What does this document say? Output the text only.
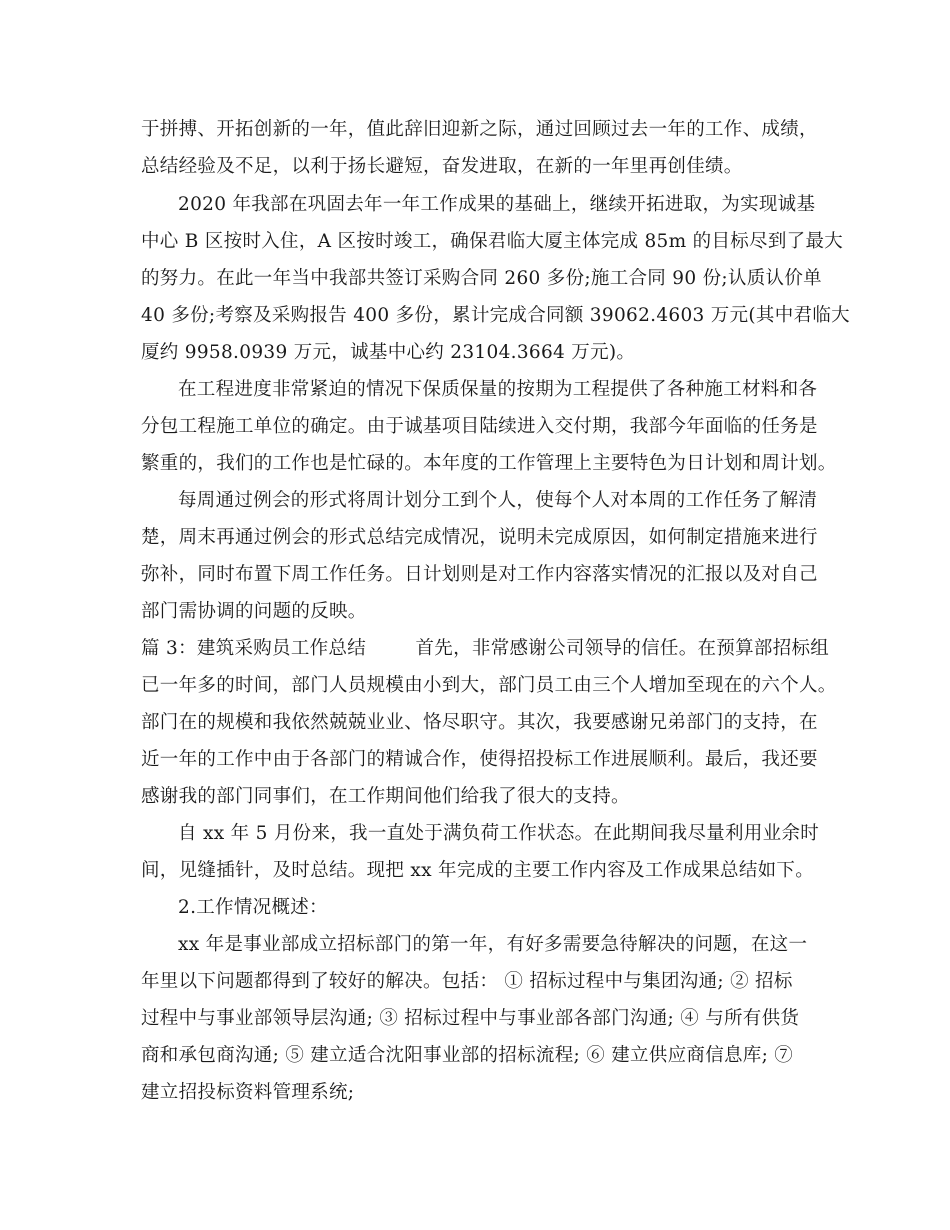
于拼搏、开拓创新的一年，值此辞旧迎新之际，通过回顾过去一年的工作、成绩，
总结经验及不足，以利于扬长避短，奋发进取，在新的一年里再创佳绩。
2020 年我部在巩固去年一年工作成果的基础上，继续开拓进取，为实现诚基
中心 B 区按时入住，A 区按时竣工，确保君临大厦主体完成 85m 的目标尽到了最大
的努力。在此一年当中我部共签订采购合同 260 多份;施工合同 90 份;认质认价单
40 多份;考察及采购报告 400 多份，累计完成合同额 39062.4603 万元(其中君临大
厦约 9958.0939 万元，诚基中心约 23104.3664 万元)。
在工程进度非常紧迫的情况下保质保量的按期为工程提供了各种施工材料和各
分包工程施工单位的确定。由于诚基项目陆续进入交付期，我部今年面临的任务是
繁重的，我们的工作也是忙碌的。本年度的工作管理上主要特色为日计划和周计划。
每周通过例会的形式将周计划分工到个人，使每个人对本周的工作任务了解清
楚，周末再通过例会的形式总结完成情况，说明未完成原因，如何制定措施来进行
弥补，同时布置下周工作任务。日计划则是对工作内容落实情况的汇报以及对自己
部门需协调的问题的反映。
篇 3：建筑采购员工作总结        首先，非常感谢公司领导的信任。在预算部招标组
已一年多的时间，部门人员规模由小到大，部门员工由三个人增加至现在的六个人。
部门在的规模和我依然兢兢业业、恪尽职守。其次，我要感谢兄弟部门的支持，在
近一年的工作中由于各部门的精诚合作，使得招投标工作进展顺利。最后，我还要
感谢我的部门同事们，在工作期间他们给我了很大的支持。
自 xx 年 5 月份来，我一直处于满负荷工作状态。在此期间我尽量利用业余时
间，见缝插针，及时总结。现把 xx 年完成的主要工作内容及工作成果总结如下。
2.工作情况概述：
xx 年是事业部成立招标部门的第一年，有好多需要急待解决的问题，在这一
年里以下问题都得到了较好的解决。包括： ① 招标过程中与集团沟通; ② 招标
过程中与事业部领导层沟通; ③ 招标过程中与事业部各部门沟通; ④ 与所有供货
商和承包商沟通; ⑤ 建立适合沈阳事业部的招标流程; ⑥ 建立供应商信息库; ⑦
建立招投标资料管理系统;
